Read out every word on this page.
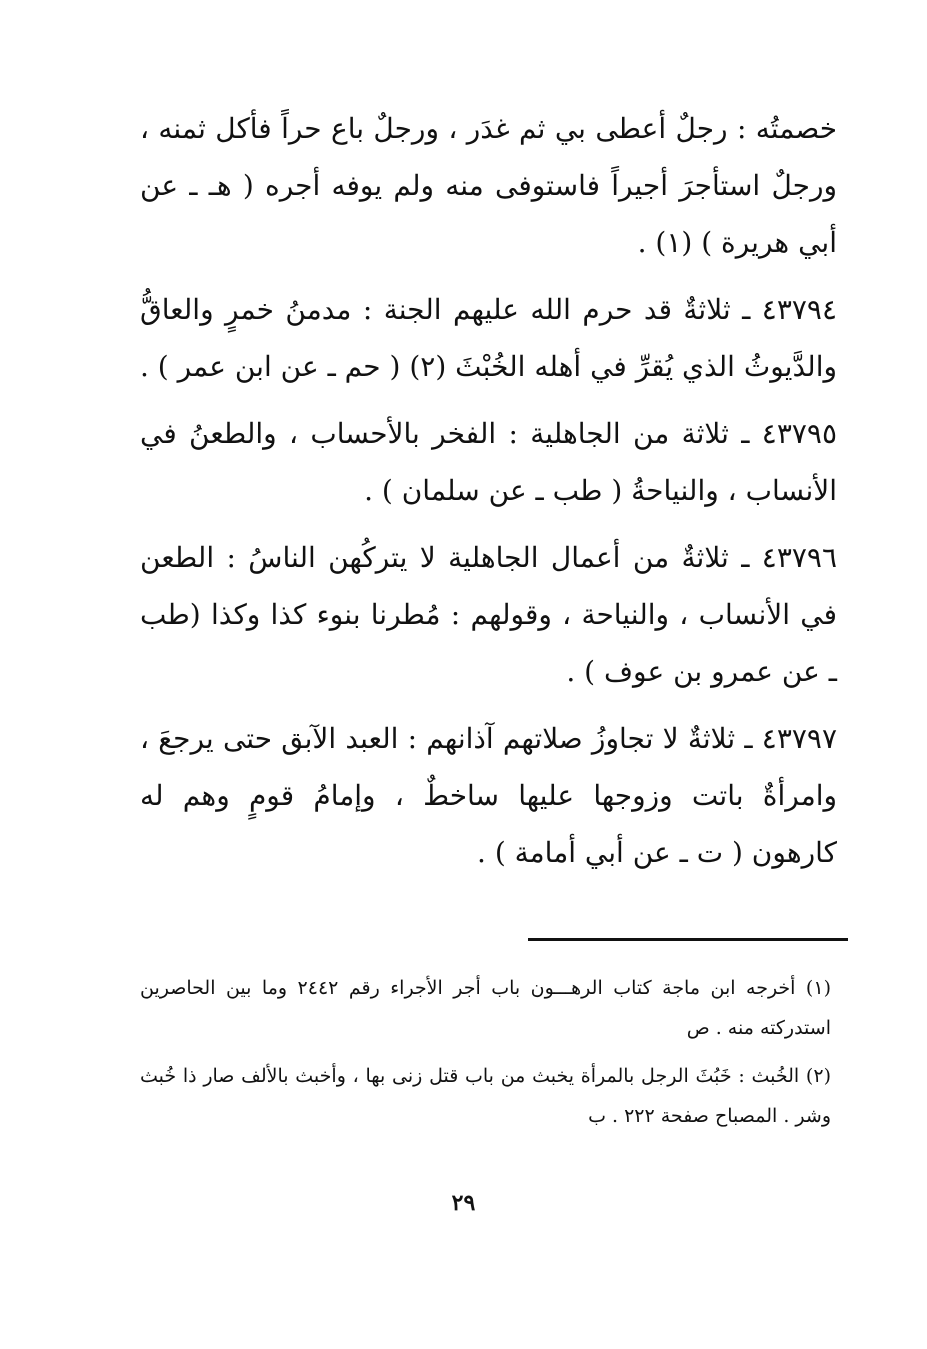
خصمتُه : رجلٌ أعطى بي ثم غدَر ، ورجلٌ باع حراً فأكل ثمنه ، ورجلٌ استأجرَ أجيراً فاستوفى منه ولم يوفه أجره ( هـ ـ عن أبي هريرة ) (١) .

٤٣٧٩٤ ـ ثلاثةٌ قد حرم الله عليهم الجنة : مدمنُ خمرٍ والعاقُّ والدَّيوثُ الذي يُقرِّ في أهله الخُبْثَ (٢) ( حم ـ عن ابن عمر ) .

٤٣٧٩٥ ـ ثلاثة من الجاهلية : الفخر بالأحساب ، والطعنُ في الأنساب ، والنياحةُ ( طب ـ عن سلمان ) .

٤٣٧٩٦ ـ ثلاثةٌ من أعمال الجاهلية لا يتركُهن الناسُ : الطعن في الأنساب ، والنياحة ، وقولهم : مُطرنا بنوء كذا وكذا (طب ـ عن عمرو بن عوف ) .

٤٣٧٩٧ ـ ثلاثةٌ لا تجاوزُ صلاتهم آذانهم : العبد الآبق حتى يرجعَ ، وامرأةٌ باتت وزوجها عليها ساخطٌ ، وإمامُ قومٍ وهم له كارهون ( ت ـ عن أبي أمامة ) .

(١) أخرجه ابن ماجة كتاب الرهـــون باب أجر الأجراء رقم ٢٤٤٢ وما بين الحاصرين استدركته منه . ص

(٢) الخُبث : خَبُثَ الرجل بالمرأة يخبث من باب قتل زنى بها ، وأخبث بالألف صار ذا خُبث وشر . المصباح صفحة ٢٢٢ . ب

٢٩
